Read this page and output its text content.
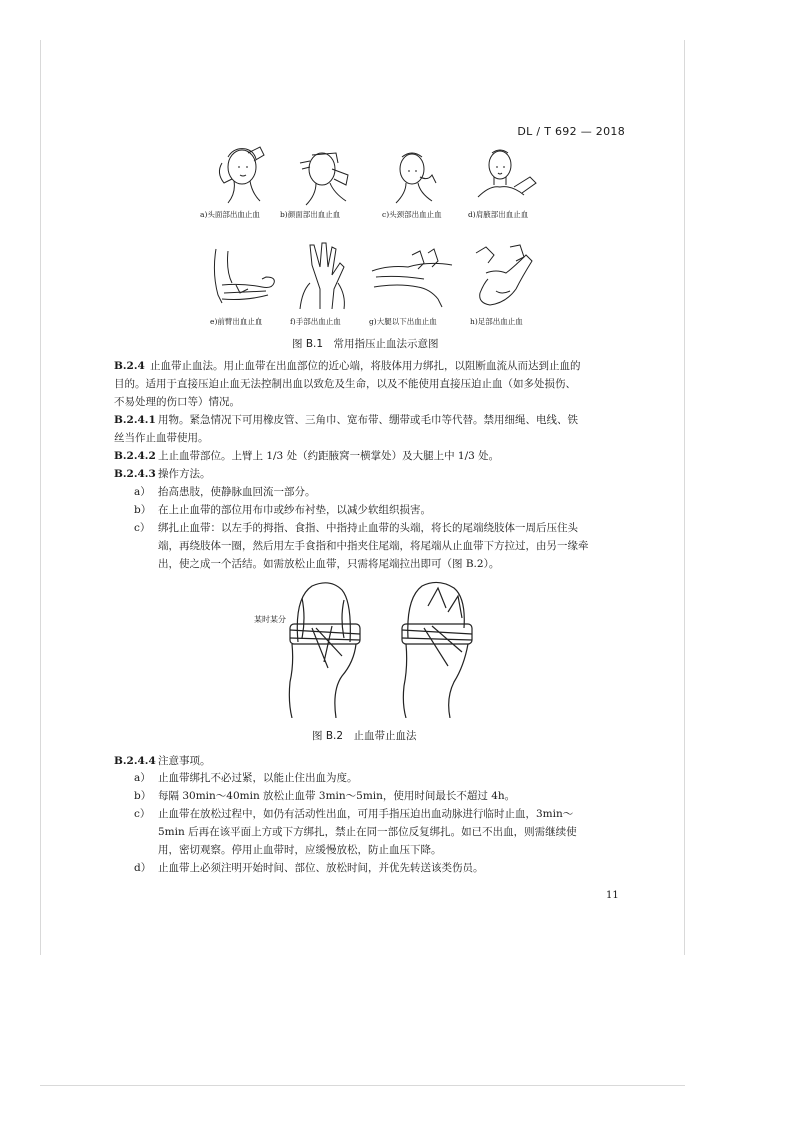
DL / T 692 — 2018
a)头面部出血止血	b)颜面部出血止血	c)头颈部出血止血	d)肩腋部出血止血
e)前臂出血止血	f)手部出血止血	g)大腿以下出血止血	h)足部出血止血
图 B.1　常用指压止血法示意图
B.2.4 止血带止血法。用止血带在出血部位的近心端，将肢体用力绑扎，以阻断血流从而达到止血的
目的。适用于直接压迫止血无法控制出血以致危及生命，以及不能使用直接压迫止血（如多处损伤、
不易处理的伤口等）情况。
B.2.4.1 用物。紧急情况下可用橡皮管、三角巾、宽布带、绷带或毛巾等代替。禁用细绳、电线、铁
丝当作止血带使用。
B.2.4.2 上止血带部位。上臂上 1/3 处（约距腋窝一横掌处）及大腿上中 1/3 处。
B.2.4.3 操作方法。
a） 抬高患肢，使静脉血回流一部分。
b） 在上止血带的部位用布巾或纱布衬垫，以减少软组织损害。
c） 绑扎止血带：以左手的拇指、食指、中指持止血带的头端，将长的尾端绕肢体一周后压住头
端，再绕肢体一圈，然后用左手食指和中指夹住尾端，将尾端从止血带下方拉过，由另一缘牵
出，使之成一个活结。如需放松止血带，只需将尾端拉出即可（图 B.2）。
某时某分
图 B.2　止血带止血法
B.2.4.4 注意事项。
a） 止血带绑扎不必过紧，以能止住出血为度。
b） 每隔 30min～40min 放松止血带 3min～5min，使用时间最长不超过 4h。
c） 止血带在放松过程中，如仍有活动性出血，可用手指压迫出血动脉进行临时止血，3min～
5min 后再在该平面上方或下方绑扎，禁止在同一部位反复绑扎。如已不出血，则需继续使
用，密切观察。停用止血带时，应缓慢放松，防止血压下降。
d） 止血带上必须注明开始时间、部位、放松时间，并优先转送该类伤员。
11
